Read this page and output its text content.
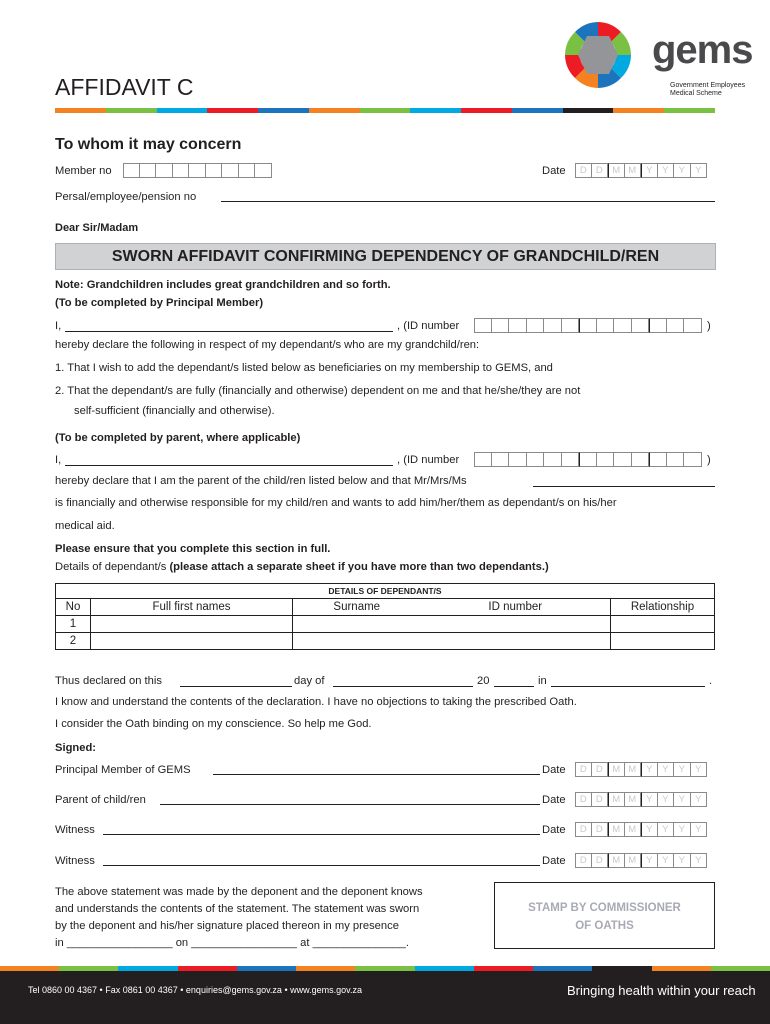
AFFIDAVIT C
gems
Government Employees
Medical Scheme
To whom it may concern
Member no	Date	D D	M M	Y	Y	Y	Y
Persal/employee/pension no
Dear Sir/Madam
SWORN AFFIDAVIT CONFIRMING DEPENDENCY OF GRANDCHILD/REN
Note: Grandchildren includes great grandchildren and so forth.
(To be completed by Principal Member)
I,	, (ID number	)
hereby declare the following in respect of my dependant/s who are my grandchild/ren:
1. That I wish to add the dependant/s listed below as beneficiaries on my membership to GEMS, and
2. That the dependant/s are fully (financially and otherwise) dependent on me and that he/she/they are not
self-sufficient (financially and otherwise).
(To be completed by parent, where applicable)
I,	, (ID number	)
hereby declare that I am the parent of the child/ren listed below and that Mr/Mrs/Ms
is financially and otherwise responsible for my child/ren and wants to add him/her/them as dependant/s on his/her
medical aid.
Please ensure that you complete this section in full.
Details of dependant/s (please attach a separate sheet if you have more than two dependants.)
DETAILS OF DEPENDANT/S				
No	Full first names	Surname	ID number	Relationship
1				
2				
Thus declared on this	day of	20	in	.
I know and understand the contents of the declaration. I have no objections to taking the prescribed Oath.
I consider the Oath binding on my conscience. So help me God.
Signed:
Principal Member of GEMS	Date	D D	M M	Y	Y	Y	Y
Parent of child/ren	Date	D D	M M	Y	Y	Y	Y
Witness	Date	D D	M M	Y	Y	Y	Y
Witness	Date	D D	M M	Y	Y	Y	Y
The above statement was made by the deponent and the deponent knows
and understands the contents of the statement. The statement was sworn
by the deponent and his/her signature placed thereon in my presence
in _________________ on _________________ at _______________.
STAMP BY COMMISSIONER
OF OATHS
Tel 0860 00 4367 • Fax 0861 00 4367 • enquiries@gems.gov.za • www.gems.gov.za	Bringing health within your reach
